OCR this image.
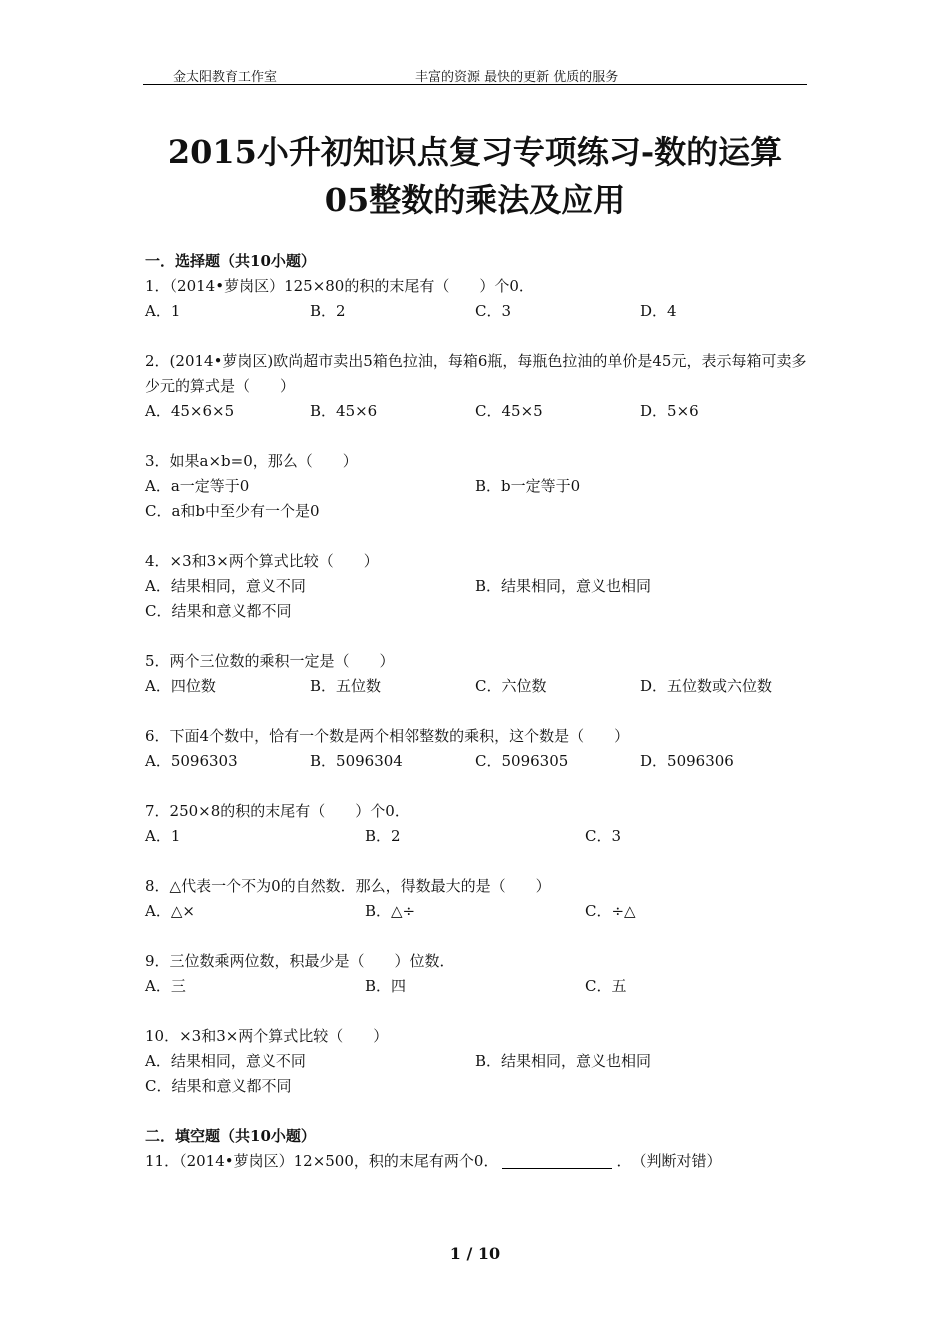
金太阳教育工作室	丰富的资源 最快的更新 优质的服务
2015小升初知识点复习专项练习-数的运算
05整数的乘法及应用
一．选择题（共10小题）
1．（2014•萝岗区）125×80的积的末尾有（　　）个0．
A．1	B．2	C．3	D．4
2．(2014•萝岗区)欧尚超市卖出5箱色拉油，每箱6瓶，每瓶色拉油的单价是45元，表示每箱可卖多少元的算式是（　　）
A．45×6×5	B．45×6	C．45×5	D．5×6
3．如果a×b=0，那么（　　）
A．a一定等于0	B．b一定等于0
C．a和b中至少有一个是0
4．×3和3×两个算式比较（　　）
A．结果相同，意义不同	B．结果相同，意义也相同
C．结果和意义都不同
5．两个三位数的乘积一定是（　　）
A．四位数	B．五位数	C．六位数	D．五位数或六位数
6．下面4个数中，恰有一个数是两个相邻整数的乘积，这个数是（　　）
A．5096303	B．5096304	C．5096305	D．5096306
7．250×8的积的末尾有（　　）个0．
A．1	B．2	C．3
8．△代表一个不为0的自然数．那么，得数最大的是（　　）
A．△×	B．△÷	C．÷△
9．三位数乘两位数，积最少是（　　）位数．
A．三	B．四	C．五
10．×3和3×两个算式比较（　　）
A．结果相同，意义不同	B．结果相同，意义也相同
C．结果和意义都不同
二．填空题（共10小题）
11．（2014•萝岗区）12×500，积的末尾有两个0．	．　（判断对错）
1 / 10
